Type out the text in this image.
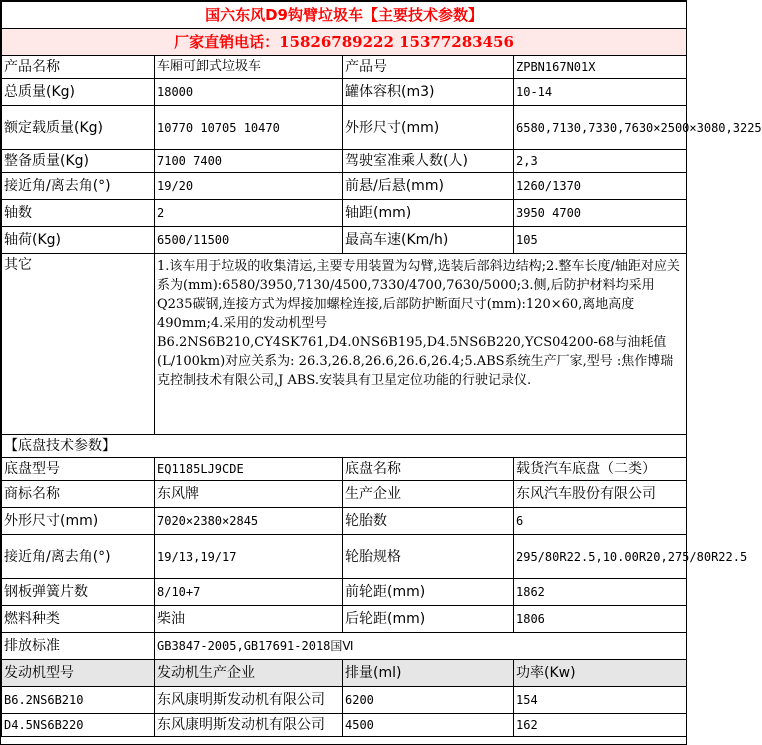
国六东风D9钩臂垃圾车【主要技术参数】			
厂家直销电话：15826789222 15377283456			
产品名称	车厢可卸式垃圾车	产品号	ZPBN167N01X
总质量(Kg)	18000	罐体容积(m3)	10-14
额定载质量(Kg)	10770 10705 10470	外形尺寸(mm)	6580,7130,7330,7630×2500×3080,3225
整备质量(Kg)	7100 7400	驾驶室准乘人数(人)	2,3
接近角/离去角(°)	19/20	前悬/后悬(mm)	1260/1370
轴数	2	轴距(mm)	3950 4700
轴荷(Kg)	6500/11500	最高车速(Km/h)	105
其它	1.该车用于垃圾的收集清运,主要专用装置为勾臂,选装后部斜边结构;2.整车长度/轴距对应关系为(mm):6580/3950,7130/4500,7330/4700,7630/5000;3.侧,后防护材料均采用Q235碳钢,连接方式为焊接加螺栓连接,后部防护断面尺寸(mm):120×60,离地高度490mm;4.采用的发动机型号B6.2NS6B210,CY4SK761,D4.0NS6B195,D4.5NS6B220,YCS04200-68与油耗值(L/100km)对应关系为: 26.3,26.8,26.6,26.6,26.4;5.ABS系统生产厂家,型号 :焦作博瑞克控制技术有限公司,J ABS.安装具有卫星定位功能的行驶记录仪.		
【底盘技术参数】			
底盘型号	EQ1185LJ9CDE	底盘名称	载货汽车底盘（二类）
商标名称	东风牌	生产企业	东风汽车股份有限公司
外形尺寸(mm)	7020×2380×2845	轮胎数	6
接近角/离去角(°)	19/13,19/17	轮胎规格	295/80R22.5,10.00R20,275/80R22.5
钢板弹簧片数	8/10+7	前轮距(mm)	1862
燃料种类	柴油	后轮距(mm)	1806
排放标准	GB3847-2005,GB17691-2018国Ⅵ		
发动机型号	发动机生产企业	排量(ml)	功率(Kw)
B6.2NS6B210	东风康明斯发动机有限公司	6200	154
D4.5NS6B220	东风康明斯发动机有限公司	4500	162
